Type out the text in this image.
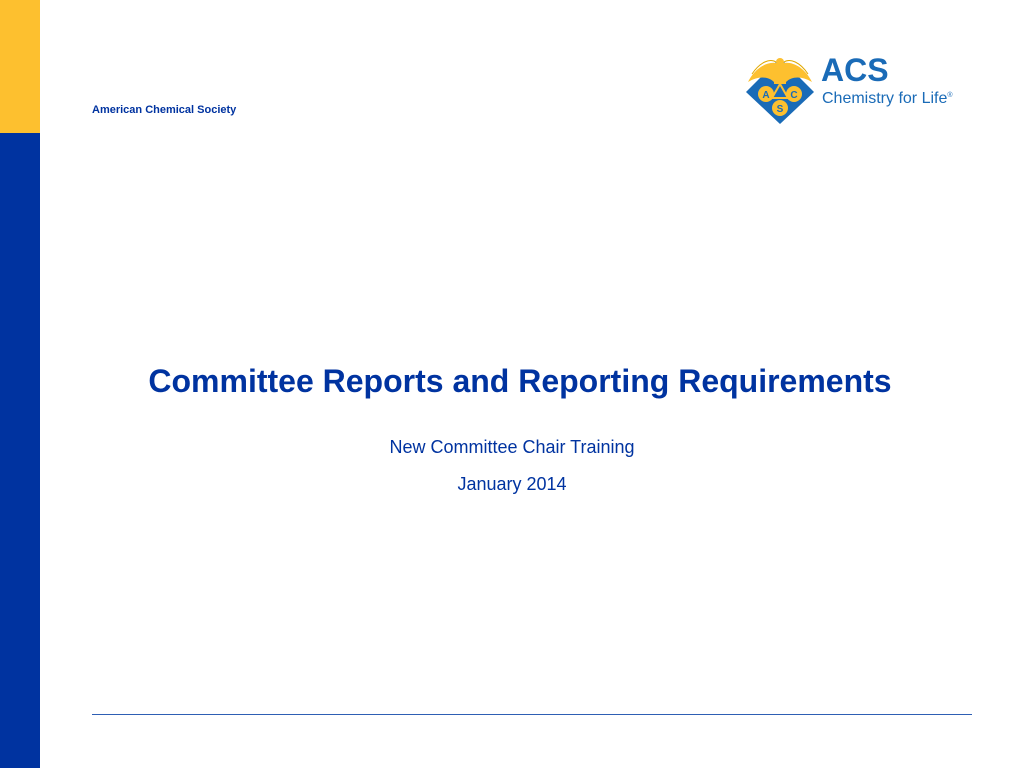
American Chemical Society
A C
S
ACS
Chemistry for Life®
Committee Reports and Reporting Requirements
New Committee Chair Training
January 2014
